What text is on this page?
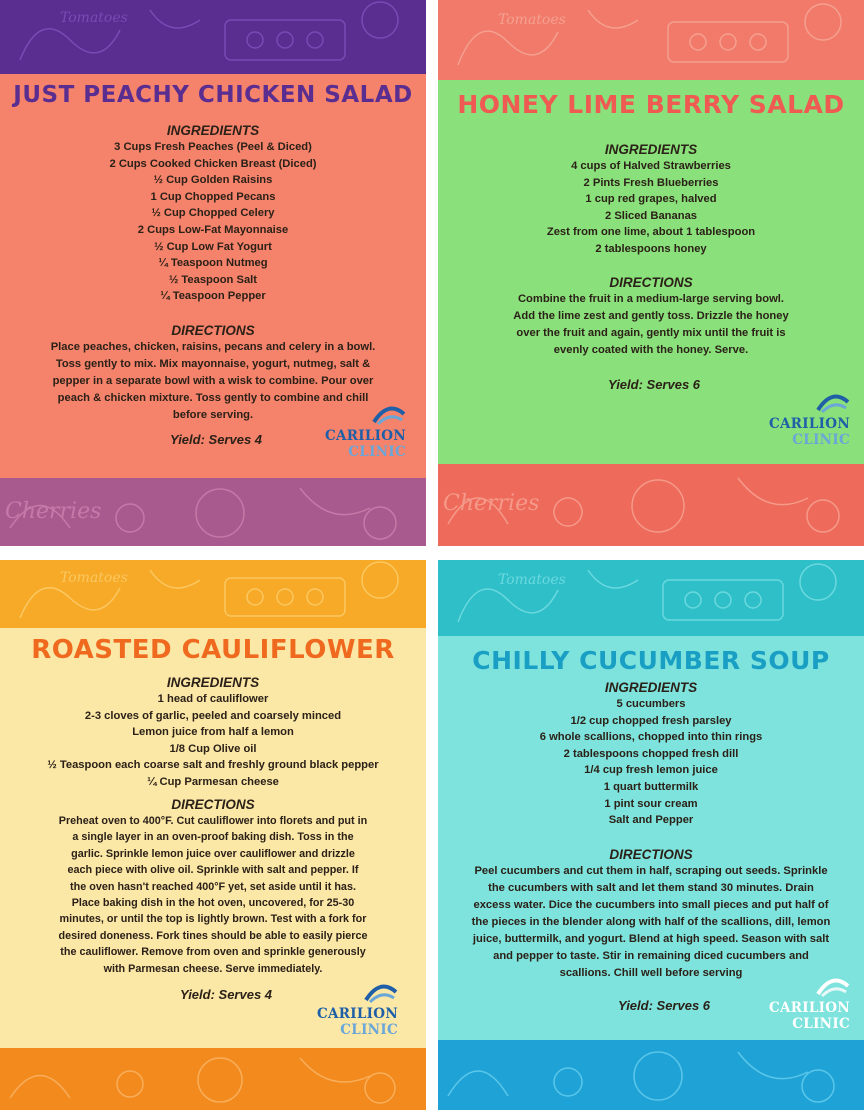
Tomatoes
Cherries
JUST PEACHY CHICKEN SALAD
INGREDIENTS
3 Cups Fresh Peaches (Peel & Diced)
2 Cups Cooked Chicken Breast (Diced)
½ Cup Golden Raisins
1 Cup Chopped Pecans
½ Cup Chopped Celery
2 Cups Low-Fat Mayonnaise
½ Cup Low Fat Yogurt
¼ Teaspoon Nutmeg
½ Teaspoon Salt
¼ Teaspoon Pepper
DIRECTIONS
Place peaches, chicken, raisins, pecans and celery in a bowl. Toss gently to mix. Mix mayonnaise, yogurt, nutmeg, salt & pepper in a separate bowl with a wisk to combine. Pour over peach & chicken mixture. Toss gently to combine and chill before serving.
Yield: Serves 4	CARILION
CLINIC
Tomatoes
Cherries
HONEY LIME BERRY SALAD
INGREDIENTS
4 cups of Halved Strawberries
2 Pints Fresh Blueberries
1 cup red grapes, halved
2 Sliced Bananas
Zest from one lime, about 1 tablespoon
2 tablespoons honey
DIRECTIONS
Combine the fruit in a medium-large serving bowl. Add the lime zest and gently toss. Drizzle the honey over the fruit and again, gently mix until the fruit is evenly coated with the honey. Serve.
Yield: Serves 6
CARILION
CLINIC
Tomatoes
ROASTED CAULIFLOWER
INGREDIENTS
1 head of cauliflower
2-3 cloves of garlic, peeled and coarsely minced
Lemon juice from half a lemon
1/8 Cup Olive oil
½ Teaspoon each coarse salt and freshly ground black pepper
¼ Cup Parmesan cheese
DIRECTIONS
Preheat oven to 400°F. Cut cauliflower into florets and put in a single layer in an oven-proof baking dish. Toss in the garlic. Sprinkle lemon juice over cauliflower and drizzle each piece with olive oil. Sprinkle with salt and pepper. If the oven hasn't reached 400°F yet, set aside until it has. Place baking dish in the hot oven, uncovered, for 25-30 minutes, or until the top is lightly brown. Test with a fork for desired doneness. Fork tines should be able to easily pierce the cauliflower. Remove from oven and sprinkle generously with Parmesan cheese. Serve immediately.
Yield: Serves 4
CARILION
CLINIC
Tomatoes
CHILLY CUCUMBER SOUP
INGREDIENTS
5 cucumbers
1/2 cup chopped fresh parsley
6 whole scallions, chopped into thin rings
2 tablespoons chopped fresh dill
1/4 cup fresh lemon juice
1 quart buttermilk
1 pint sour cream
Salt and Pepper
DIRECTIONS
Peel cucumbers and cut them in half, scraping out seeds. Sprinkle the cucumbers with salt and let them stand 30 minutes. Drain excess water. Dice the cucumbers into small pieces and put half of the pieces in the blender along with half of the scallions, dill, lemon juice, buttermilk, and yogurt. Blend at high speed. Season with salt and pepper to taste. Stir in remaining diced cucumbers and scallions. Chill well before serving
Yield: Serves 6	CARILION
CLINIC
